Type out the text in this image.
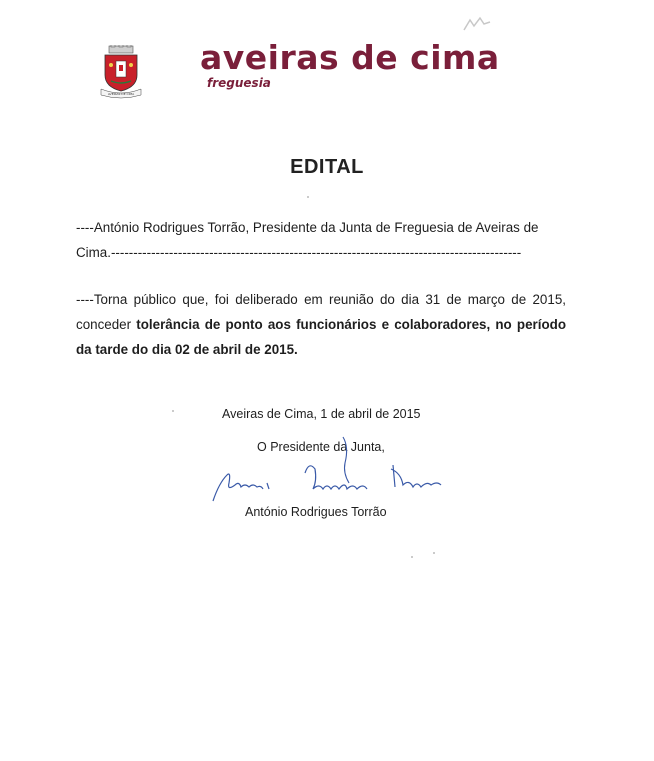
AVEIRAS DE CIMA
aveiras de cima
freguesia
EDITAL
----António Rodrigues Torrão, Presidente da Junta de Freguesia de Aveiras de Cima.--------------------------------------------------------------------------------------------
----Torna público que, foi deliberado em reunião do dia 31 de março de 2015, conceder tolerância de ponto aos funcionários e colaboradores, no período da tarde do dia 02 de abril de 2015.
Aveiras de Cima, 1 de abril de 2015
O Presidente da Junta,
António Rodrigues Torrão
